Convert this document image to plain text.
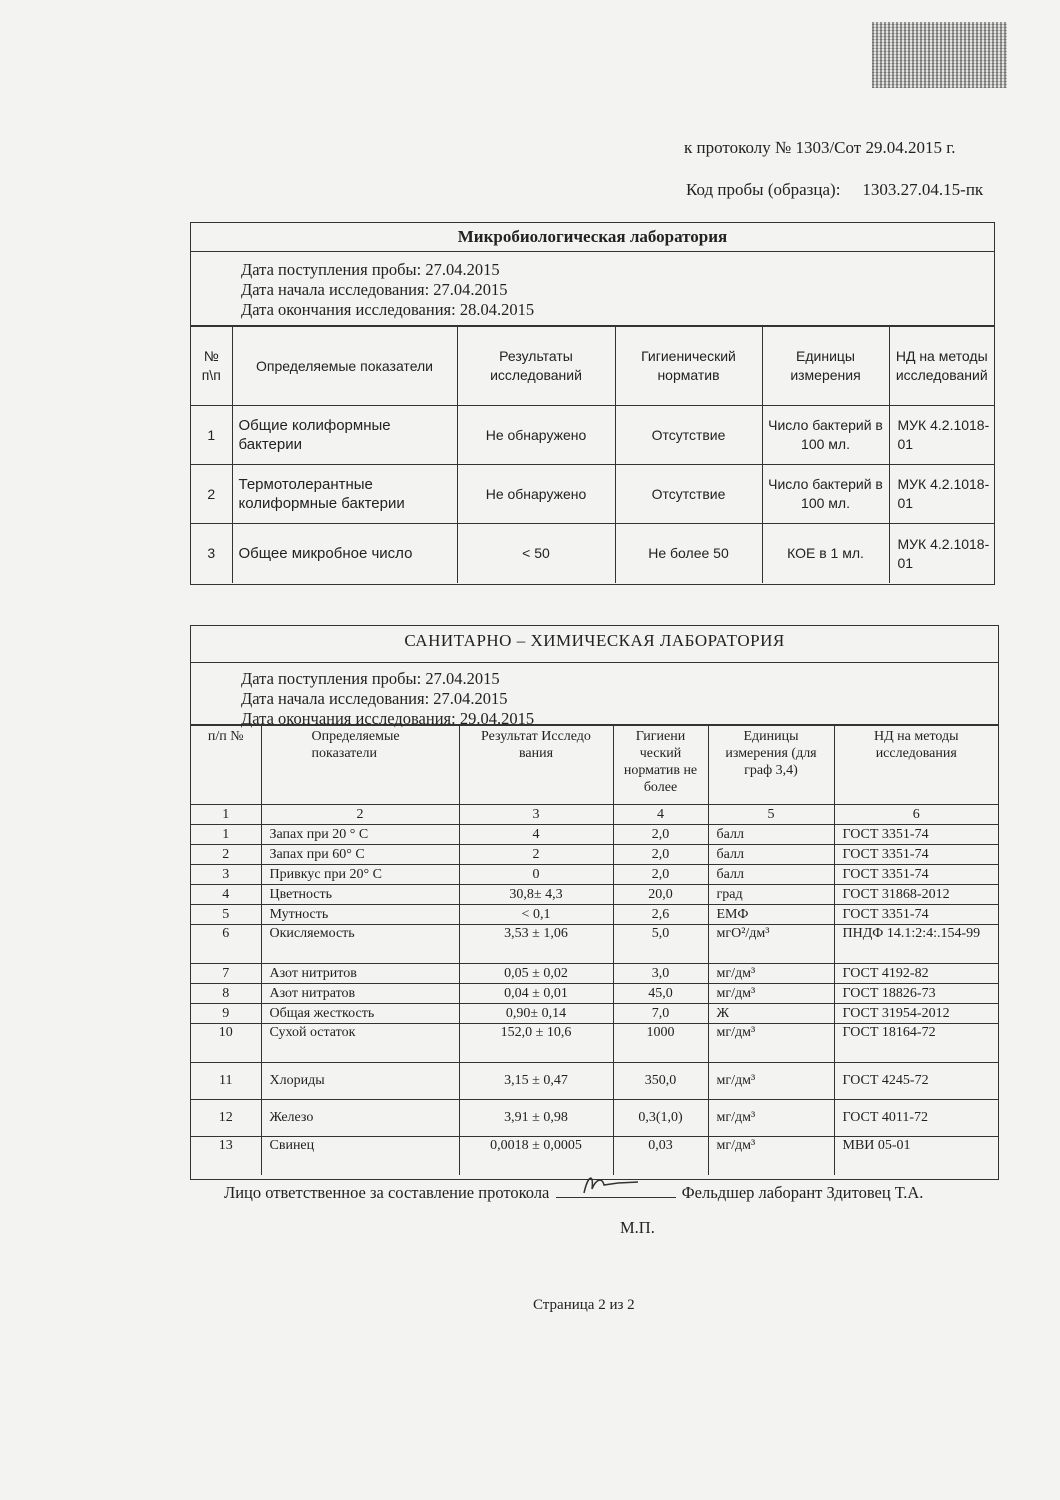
к протоколу № 1303/Сот 29.04.2015 г.
Код пробы (образца): 1303.27.04.15-пк
Микробиологическая лаборатория
Дата поступления пробы: 27.04.2015
Дата начала исследования: 27.04.2015
Дата окончания исследования: 28.04.2015
№ п\п	Определяемые показатели	Результаты исследований	Гигиенический норматив	Единицы измерения	НД на методы исследований
1	Общие колиформные бактерии	Не обнаружено	Отсутствие	Число бактерий в 100 мл.	МУК 4.2.1018-01
2	Термотолерантные колиформные бактерии	Не обнаружено	Отсутствие	Число бактерий в 100 мл.	МУК 4.2.1018-01
3	Общее микробное число	< 50	Не более 50	КОЕ в 1 мл.	МУК 4.2.1018-01
САНИТАРНО – ХИМИЧЕСКАЯ ЛАБОРАТОРИЯ
Дата поступления пробы: 27.04.2015
Дата начала исследования: 27.04.2015
Дата окончания исследования: 29.04.2015
п/п №	Определяемые показатели	Результат Исследо вания	Гигиени ческий норматив не более	Единицы измерения (для граф 3,4)	НД на методы исследования
1	2	3	4	5	6
1	Запах при 20 ° С	4	2,0	балл	ГОСТ 3351-74
2	Запах при 60° С	2	2,0	балл	ГОСТ 3351-74
3	Привкус при 20° С	0	2,0	балл	ГОСТ 3351-74
4	Цветность	30,8± 4,3	20,0	град	ГОСТ 31868-2012
5	Мутность	< 0,1	2,6	ЕМФ	ГОСТ 3351-74
6	Окисляемость	3,53 ± 1,06	5,0	мгО²/дм³	ПНДФ 14.1:2:4:.154-99
7	Азот нитритов	0,05 ± 0,02	3,0	мг/дм³	ГОСТ 4192-82
8	Азот нитратов	0,04 ± 0,01	45,0	мг/дм³	ГОСТ 18826-73
9	Общая жесткость	0,90± 0,14	7,0	Ж	ГОСТ 31954-2012
10	Сухой остаток	152,0 ± 10,6	1000	мг/дм³	ГОСТ 18164-72
11	Хлориды	3,15 ± 0,47	350,0	мг/дм³	ГОСТ 4245-72
12	Железо	3,91 ± 0,98	0,3(1,0)	мг/дм³	ГОСТ 4011-72
13	Свинец	0,0018 ± 0,0005	0,03	мг/дм³	МВИ 05-01
Лицо ответственное за составление протокола	Фельдшер лаборант Здитовец Т.А.
М.П.
Страница 2 из 2
